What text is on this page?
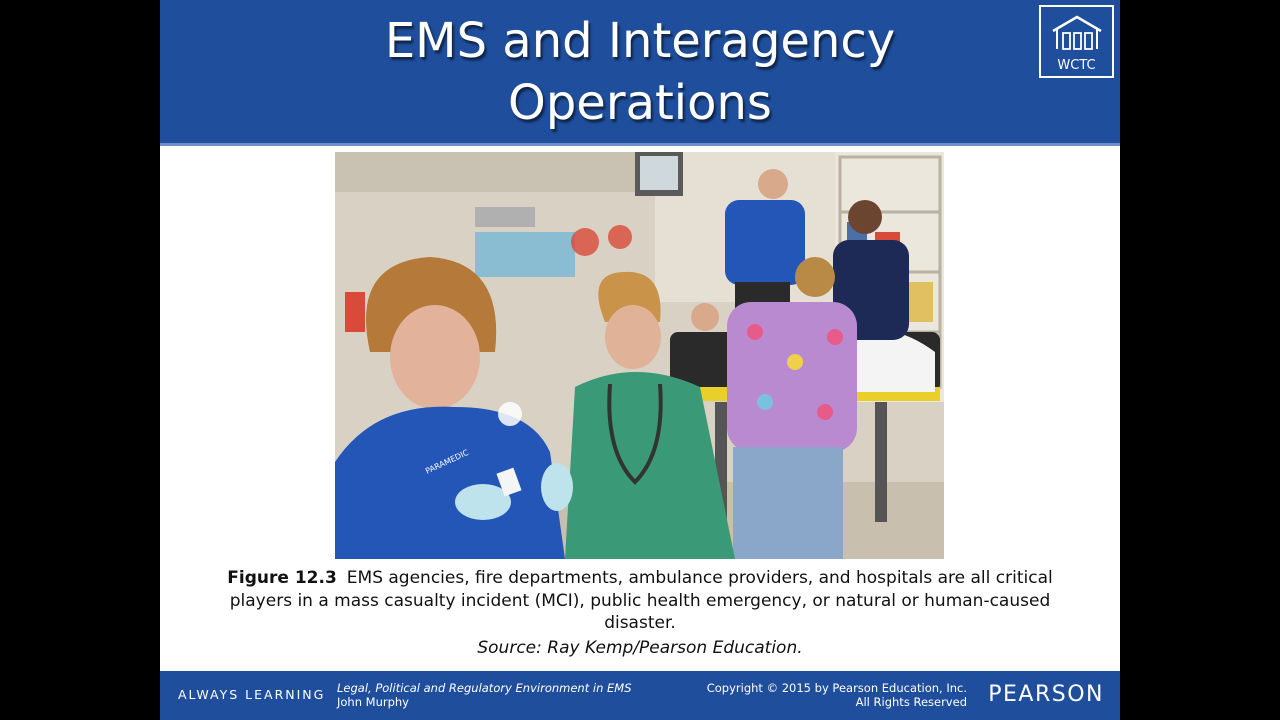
EMS and Interagency
Operations
WCTC
PARAMEDIC
Figure 12.3 EMS agencies, fire departments, ambulance providers, and hospitals are all critical players in a mass casualty incident (MCI), public health emergency, or natural or human-caused disaster.
Source: Ray Kemp/Pearson Education.
ALWAYS LEARNING Legal, Political and Regulatory Environment in EMS
John Murphy
Copyright © 2015 by Pearson Education, Inc.
All Rights Reserved PEARSON
